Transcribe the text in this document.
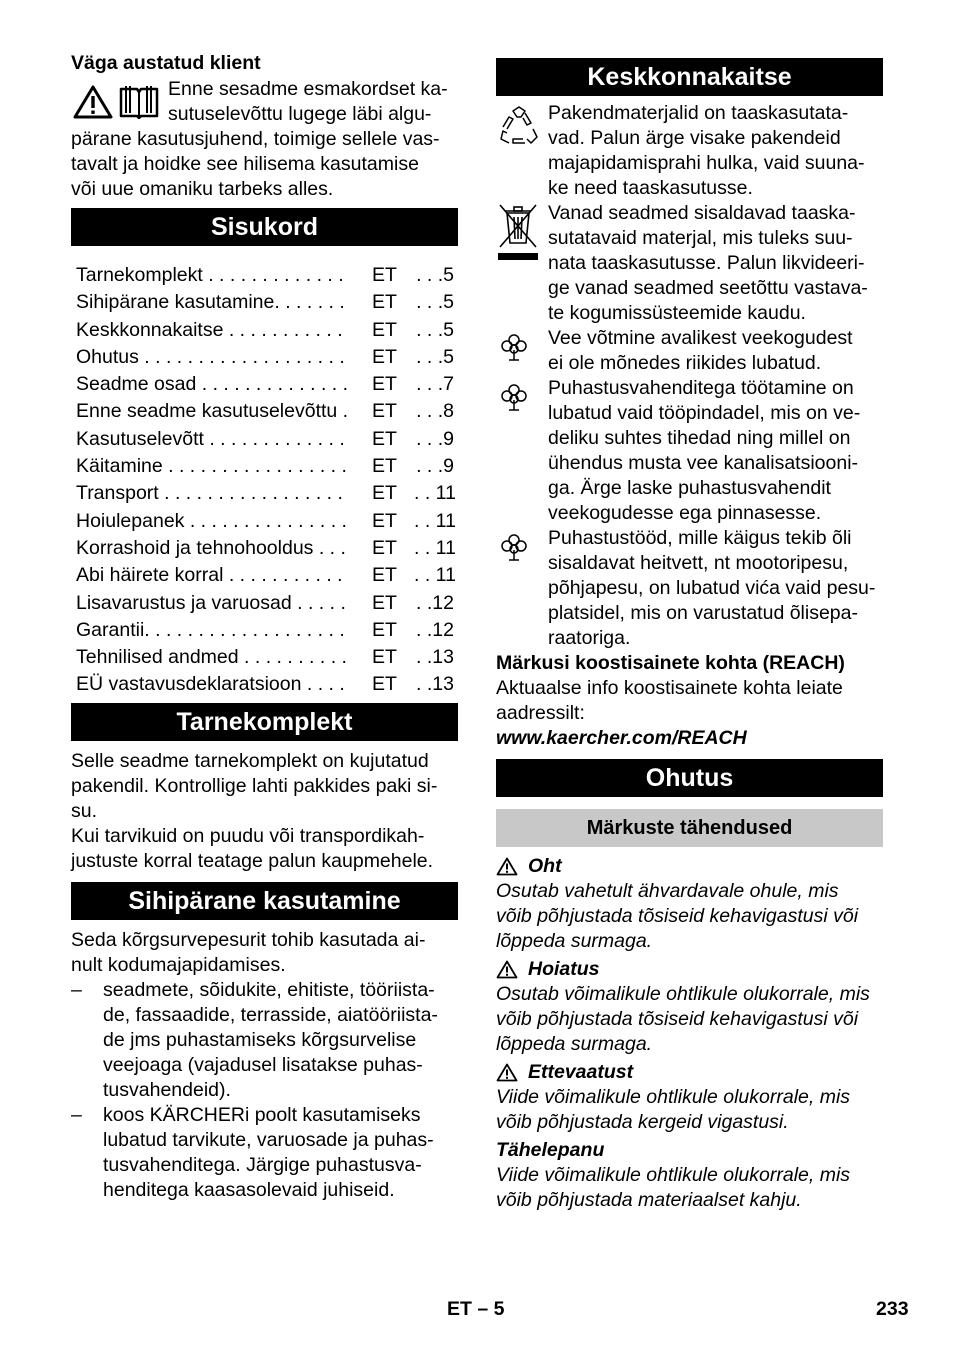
Väga austatud klient

Enne sesadme esmakordset ka-
sutuselevõttu lugege läbi algu-
pärane kasutusjuhend, toimige sellele vas-
tavalt ja hoidke see hilisema kasutamise
või uue omaniku tarbeks alles.
Sisukord
Tarnekomplekt . . . . . . . . . . . . .	ET . . .5
Sihipärane kasutamine. . . . . . .	ET . . .5
Keskkonnakaitse . . . . . . . . . . .	ET . . .5
Ohutus . . . . . . . . . . . . . . . . . . .	ET . . .5
Seadme osad . . . . . . . . . . . . . .	ET . . .7
Enne seadme kasutuselevõttu .	ET . . .8
Kasutuselevõtt . . . . . . . . . . . . .	ET . . .9
Käitamine . . . . . . . . . . . . . . . . .	ET . . .9
Transport . . . . . . . . . . . . . . . . .	ET . . 11
Hoiulepanek . . . . . . . . . . . . . . .	ET . . 11
Korrashoid ja tehnohooldus . . .	ET . . 11
Abi häirete korral . . . . . . . . . . .	ET . . 11
Lisavarustus ja varuosad . . . . .	ET . .12
Garantii. . . . . . . . . . . . . . . . . . .	ET . .12
Tehnilised andmed . . . . . . . . . .	ET . .13
EÜ vastavusdeklaratsioon . . . .	ET . .13
Tarnekomplekt
Selle seadme tarnekomplekt on kujutatud
pakendil. Kontrollige lahti pakkides paki si-
su.
Kui tarvikuid on puudu või transpordikah-
justuste korral teatage palun kaupmehele.
Sihipärane kasutamine
Seda kõrgsurvepesurit tohib kasutada ai-
nult kodumajapidamises.
–	seadmete, sõidukite, ehitiste, tööriista-
de, fassaadide, terrasside, aiatööriista-
de jms puhastamiseks kõrgsurvelise
veejoaga (vajadusel lisatakse puhas-
tusvahendeid).
–	koos KÄRCHERi poolt kasutamiseks
lubatud tarvikute, varuosade ja puhas-
tusvahenditega. Järgige puhastusva-
henditega kaasasolevaid juhiseid.
Keskkonnakaitse
Pakendmaterjalid on taaskasutata-
vad. Palun ärge visake pakendeid
majapidamisprahi hulka, vaid suuna-
ke need taaskasutusse.
Vanad seadmed sisaldavad taaska-
sutatavaid materjal, mis tuleks suu-
nata taaskasutusse. Palun likvideeri-
ge vanad seadmed seetõttu vastava-
te kogumissüsteemide kaudu.
Vee võtmine avalikest veekogudest
ei ole mõnedes riikides lubatud.
Puhastusvahenditega töötamine on
lubatud vaid tööpindadel, mis on ve-
deliku suhtes tihedad ning millel on
ühendus musta vee kanalisatsiooni-
ga. Ärge laske puhastusvahendit
veekogudesse ega pinnasesse.
Puhastustööd, mille käigus tekib õli
sisaldavat heitvett, nt mootoripesu,
põhjapesu, on lubatud vića vaid pesu-
platsidel, mis on varustatud õlisepa-
raatoriga.

Märkusi koostisainete kohta (REACH)

Aktuaalse info koostisainete kohta leiate
aadressilt:

www.kaercher.com/REACH

Ohutus
Märkuste tähendused
Oht
Osutab vahetult ähvardavale ohule, mis
võib põhjustada tõsiseid kehavigastusi või
lõppeda surmaga.
Hoiatus
Osutab võimalikule ohtlikule olukorrale, mis
võib põhjustada tõsiseid kehavigastusi või
lõppeda surmaga.
Ettevaatust
Viide võimalikule ohtlikule olukorrale, mis
võib põhjustada kergeid vigastusi.
Tähelepanu
Viide võimalikule ohtlikule olukorrale, mis
võib põhjustada materiaalset kahju.
ET – 5	233
